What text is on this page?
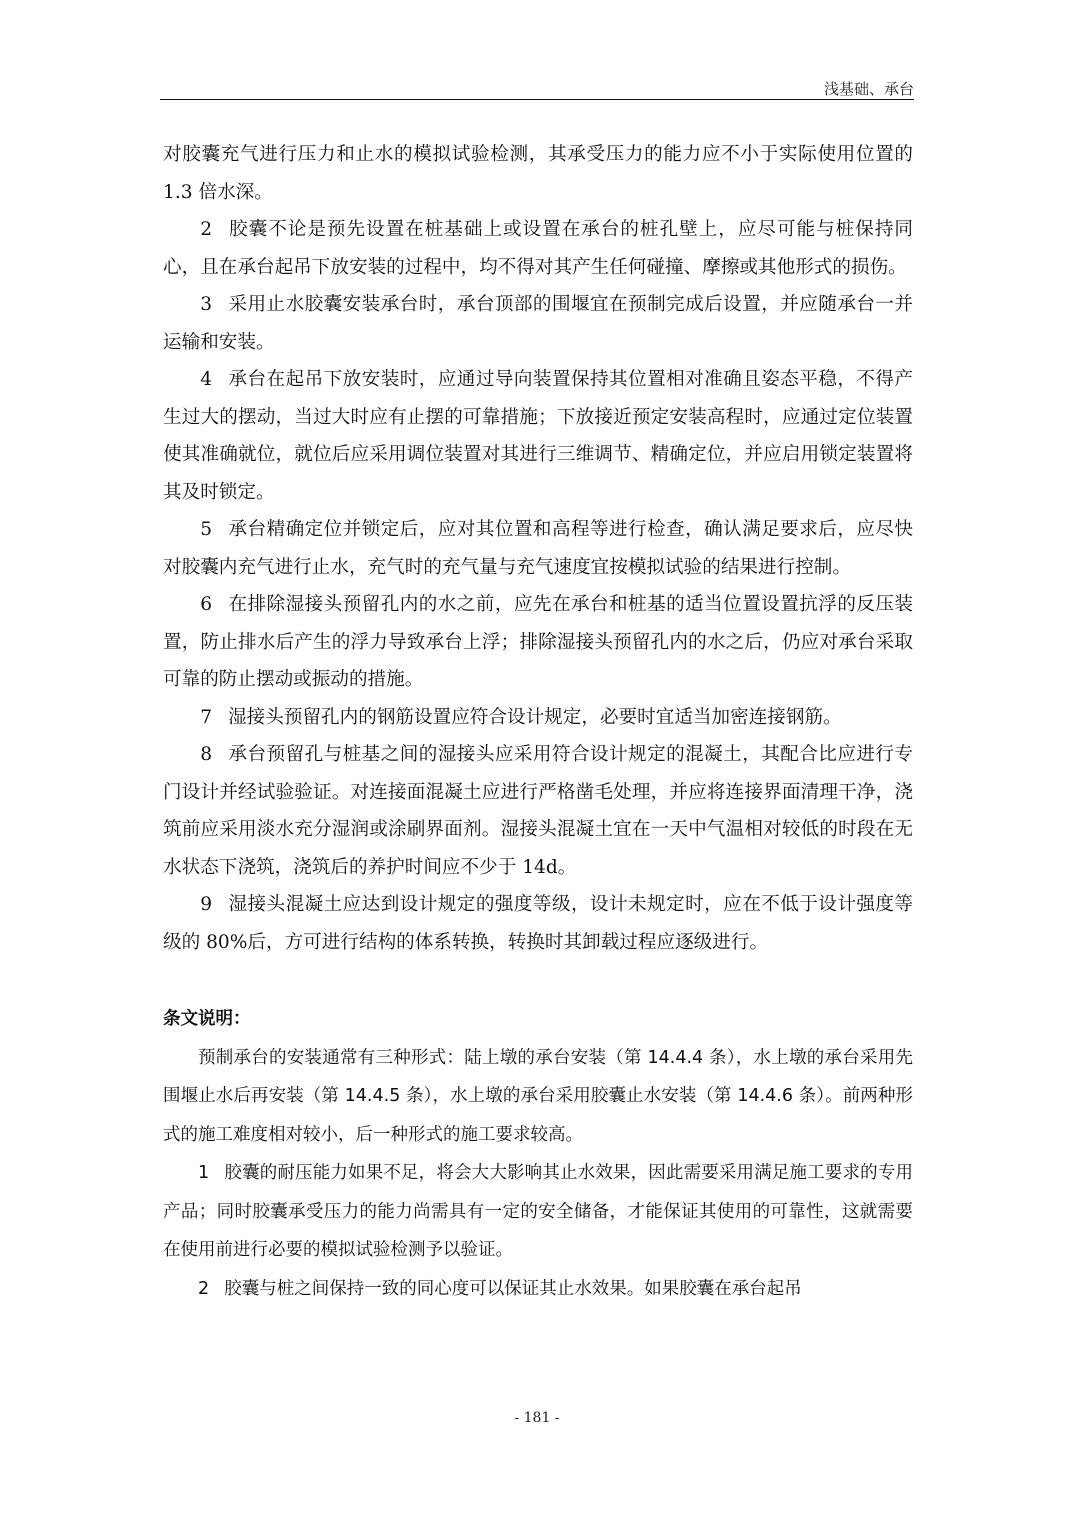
浅基础、承台

对胶囊充气进行压力和止水的模拟试验检测，其承受压力的能力应不小于实际使用位置的 1.3 倍水深。

2 胶囊不论是预先设置在桩基础上或设置在承台的桩孔壁上，应尽可能与桩保持同心，且在承台起吊下放安装的过程中，均不得对其产生任何碰撞、摩擦或其他形式的损伤。

3 采用止水胶囊安装承台时，承台顶部的围堰宜在预制完成后设置，并应随承台一并运输和安装。

4 承台在起吊下放安装时，应通过导向装置保持其位置相对准确且姿态平稳，不得产生过大的摆动，当过大时应有止摆的可靠措施；下放接近预定安装高程时，应通过定位装置使其准确就位，就位后应采用调位装置对其进行三维调节、精确定位，并应启用锁定装置将其及时锁定。

5 承台精确定位并锁定后，应对其位置和高程等进行检查，确认满足要求后，应尽快对胶囊内充气进行止水，充气时的充气量与充气速度宜按模拟试验的结果进行控制。

6 在排除湿接头预留孔内的水之前，应先在承台和桩基的适当位置设置抗浮的反压装置，防止排水后产生的浮力导致承台上浮；排除湿接头预留孔内的水之后，仍应对承台采取可靠的防止摆动或振动的措施。

7 湿接头预留孔内的钢筋设置应符合设计规定，必要时宜适当加密连接钢筋。

8 承台预留孔与桩基之间的湿接头应采用符合设计规定的混凝土，其配合比应进行专门设计并经试验验证。对连接面混凝土应进行严格凿毛处理，并应将连接界面清理干净，浇筑前应采用淡水充分湿润或涂刷界面剂。湿接头混凝土宜在一天中气温相对较低的时段在无水状态下浇筑，浇筑后的养护时间应不少于 14d。

9 湿接头混凝土应达到设计规定的强度等级，设计未规定时，应在不低于设计强度等级的 80%后，方可进行结构的体系转换，转换时其卸载过程应逐级进行。

条文说明：

预制承台的安装通常有三种形式：陆上墩的承台安装（第 14.4.4 条），水上墩的承台采用先围堰止水后再安装（第 14.4.5 条），水上墩的承台采用胶囊止水安装（第 14.4.6 条）。前两种形式的施工难度相对较小，后一种形式的施工要求较高。

1 胶囊的耐压能力如果不足，将会大大影响其止水效果，因此需要采用满足施工要求的专用产品；同时胶囊承受压力的能力尚需具有一定的安全储备，才能保证其使用的可靠性，这就需要在使用前进行必要的模拟试验检测予以验证。

2 胶囊与桩之间保持一致的同心度可以保证其止水效果。如果胶囊在承台起吊

- 181 -
